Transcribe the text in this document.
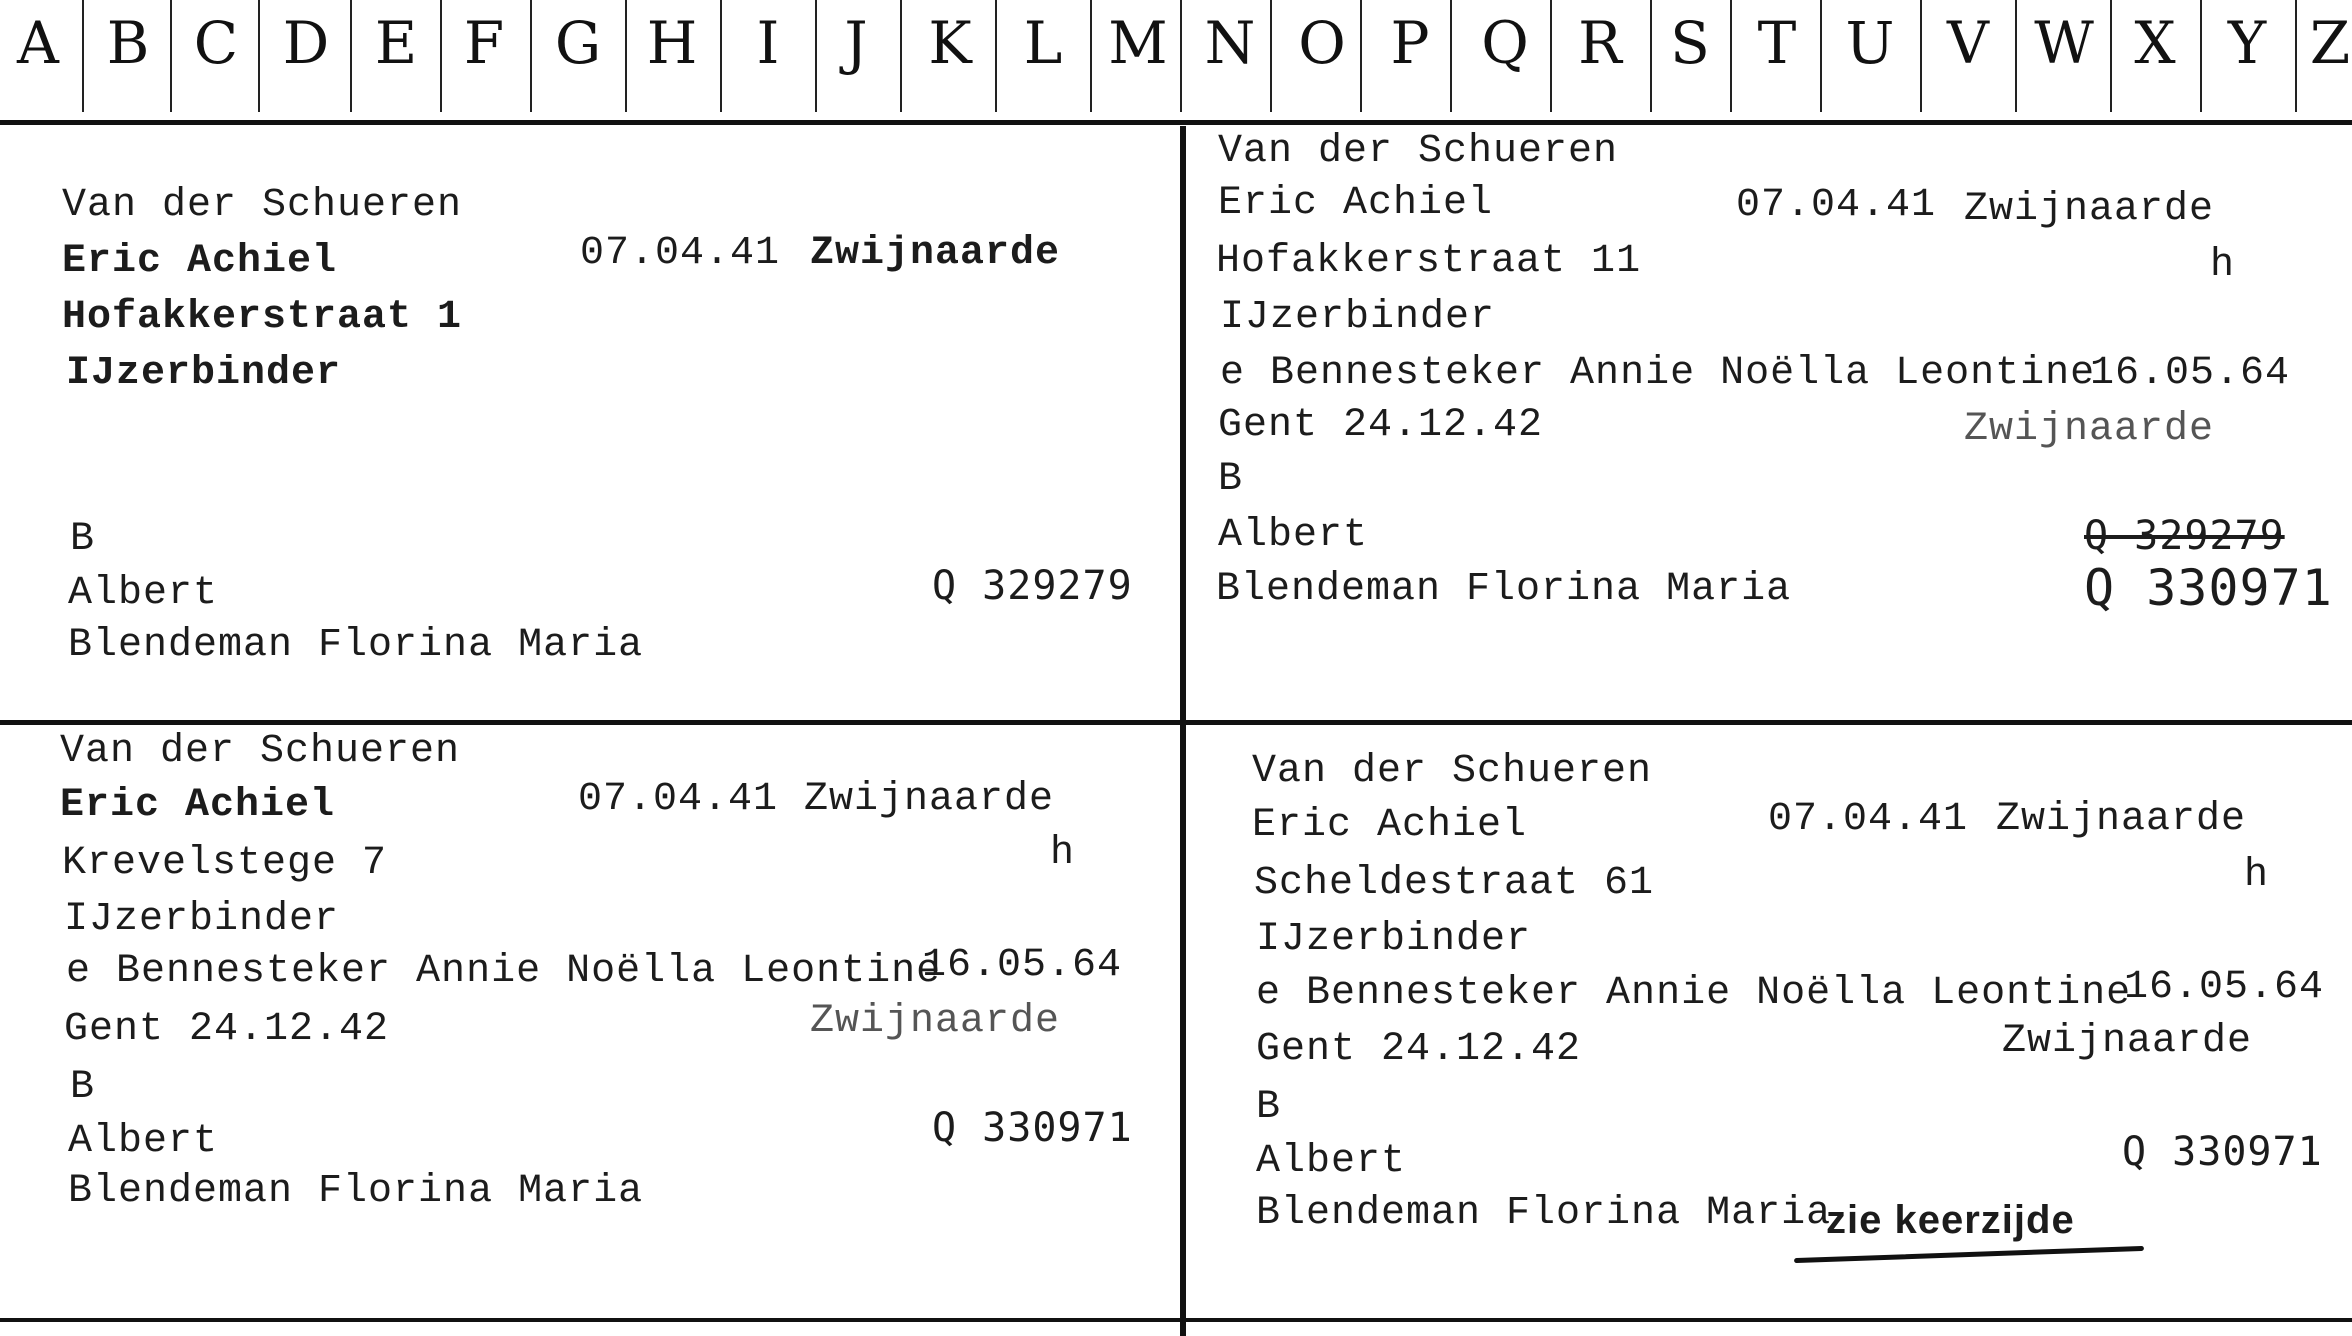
A B C D E F G H I J K L M N O P Q R S T U V W X Y Z
Van der Schueren
Eric Achiel	07.04.41 Zwijnaarde
Hofakkerstraat 1
IJzerbinder
B
Albert	Q 329279
Blendeman Florina Maria
Van der Schueren
Eric Achiel	07.04.41 Zwijnaarde
Hofakkerstraat 11	h
IJzerbinder
e Bennesteker Annie Noëlla Leontine
16.05.64
Gent 24.12.42	Zwijnaarde
B
Albert	Q 329279
Blendeman Florina Maria	Q 330971
Van der Schueren
Eric Achiel	07.04.41 Zwijnaarde
Krevelstege 7	h
IJzerbinder
e Bennesteker Annie Noëlla Leontine
16.05.64
Gent 24.12.42	Zwijnaarde
B
Albert	Q 330971
Blendeman Florina Maria
Van der Schueren
Eric Achiel	07.04.41 Zwijnaarde
Scheldestraat 61	h
IJzerbinder
e Bennesteker Annie Noëlla Leontine
16.05.64
Gent 24.12.42	Zwijnaarde
B
Albert	Q 330971
Blendeman Florina Maria
zie keerzijde
